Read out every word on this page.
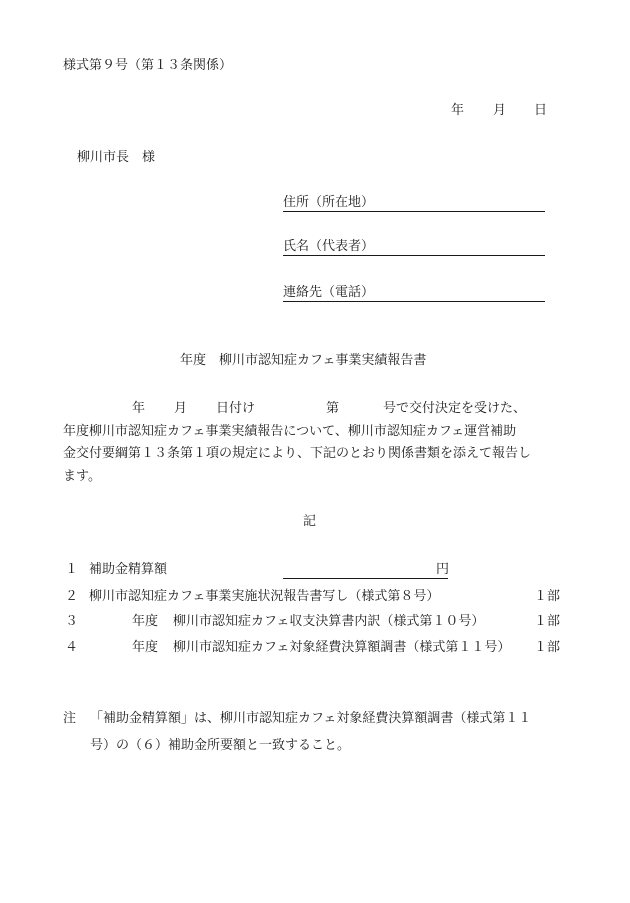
様式第９号（第１３条関係）
年 月 日
柳川市長　様
住所（所在地）
氏名（代表者）
連絡先（電話）
年度　柳川市認知症カフェ事業実績報告書
年 月 日付け	第	号で交付決定を受けた、
年度柳川市認知症カフェ事業実績報告について、柳川市認知症カフェ運営補助
金交付要綱第１３条第１項の規定により、下記のとおり関係書類を添えて報告し
ます。
記
１ 補助金精算額	円
２ 柳川市認知症カフェ事業実施状況報告書写し（様式第８号）	１部
３	年度 柳川市認知症カフェ収支決算書内訳（様式第１０号）	１部
４	年度 柳川市認知症カフェ対象経費決算額調書（様式第１１号） １部
注 「補助金精算額」は、柳川市認知症カフェ対象経費決算額調書（様式第１１
号）の（６）補助金所要額と一致すること。
